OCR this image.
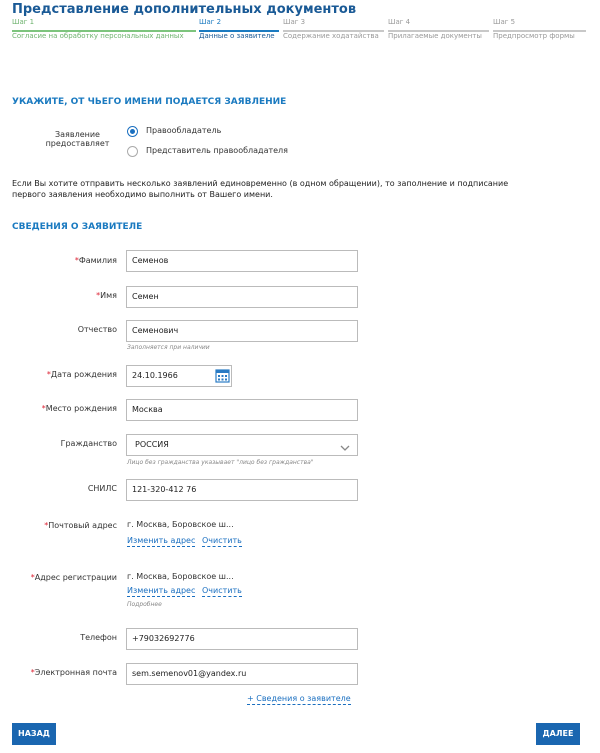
Представление дополнительных документов
Шаг 1
Согласие на обработку персональных данных
Шаг 2
Данные о заявителе
Шаг 3
Содержание ходатайства
Шаг 4
Прилагаемые документы
Шаг 5
Предпросмотр формы
УКАЖИТЕ, ОТ ЧЬЕГО ИМЕНИ ПОДАЕТСЯ ЗАЯВЛЕНИЕ
Заявление
предоставляет
Правообладатель
Представитель правообладателя
Если Вы хотите отправить несколько заявлений единовременно (в одном обращении), то заполнение и подписание
первого заявления необходимо выполнить от Вашего имени.
СВЕДЕНИЯ О ЗАЯВИТЕЛЕ
*Фамилия	Семенов
*Имя	Семен
Отчество	Семенович
Заполняется при наличии
*Дата рождения	24.10.1966
*Место рождения	Москва
Гражданство	РОССИЯ
Лицо без гражданства указывает "лицо без гражданства"
СНИЛС	121-320-412 76
*Почтовый адрес г. Москва, Боровское ш...
Изменить адрес Очистить
*Адрес регистрации г. Москва, Боровское ш...
Изменить адрес Очистить
Подробнее
Телефон	+79032692776
*Электронная почта	sem.semenov01@yandex.ru
+ Сведения о заявителе
НАЗАД	ДАЛЕЕ
